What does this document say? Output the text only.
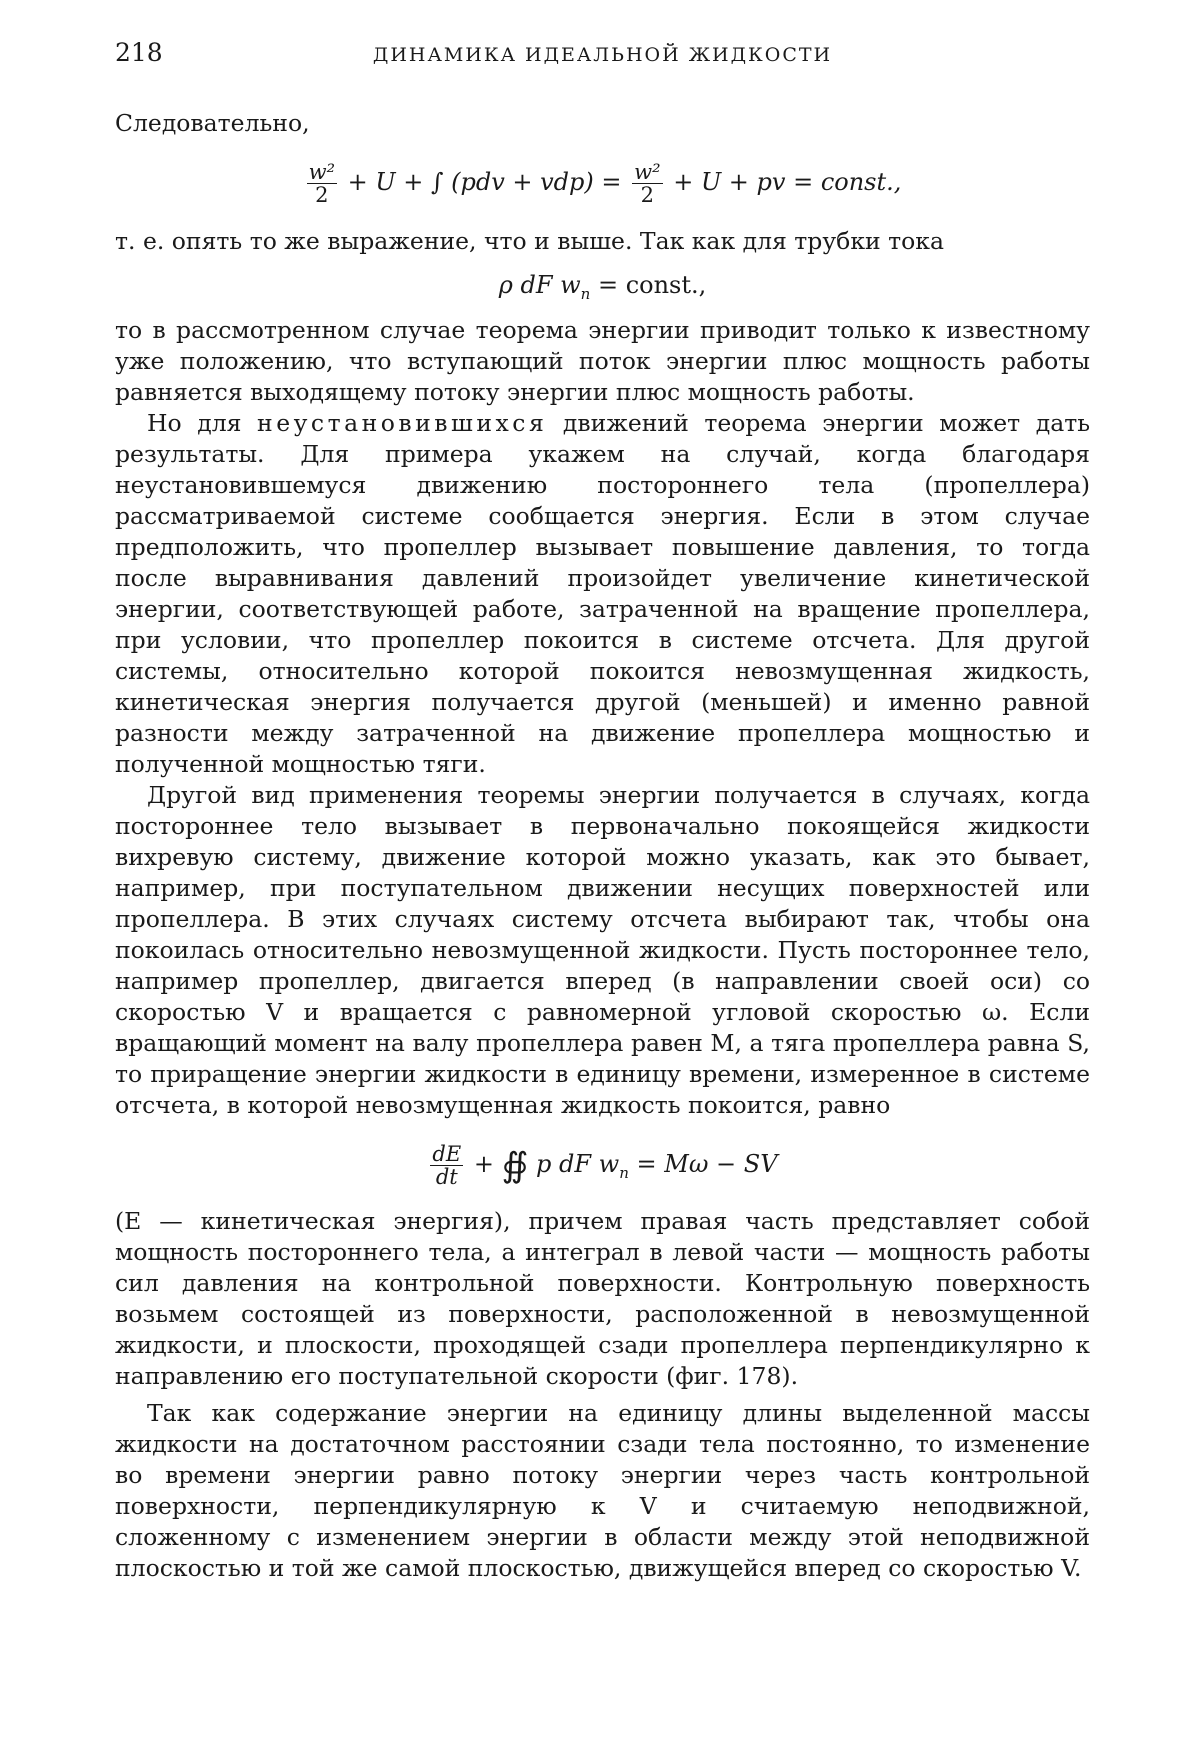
218	ДИНАМИКА ИДЕАЛЬНОЙ ЖИДКОСТИ

Следовательно,

$\frac{\text{w²}}{2} + U$ + ∫ $(pdv + vdp) = \frac{\text{w²}}{2} + U$ + pv = const.,

т. е. опять то же выражение, что и выше. Так как для трубки тока

ρ dF $w_n$ = const.,

то в рассмотренном случае теорема энергии приводит только к известному уже положению, что вступающий поток энергии плюс мощность работы равняется выходящему потоку энергии плюс мощность работы.

Но для неустановившихся движений теорема энергии может дать результаты. Для примера укажем на случай, когда благодаря неустановившемуся движению постороннего тела (пропеллера) рассматриваемой системе сообщается энергия. Если в этом случае предположить, что пропеллер вызывает повышение давления, то тогда после выравнивания давлений произойдет увеличение кинетической энергии, соответствующей работе, затраченной на вращение пропеллера, при условии, что пропеллер покоится в системе отсчета. Для другой системы, относительно которой покоится невозмущенная жидкость, кинетическая энергия получается другой (меньшей) и именно равной разности между затраченной на движение пропеллера мощностью и полученной мощностью тяги.

Другой вид применения теоремы энергии получается в случаях, когда постороннее тело вызывает в первоначально покоящейся жидкости вихревую систему, движение которой можно указать, как это бывает, например, при поступательном движении несущих поверхностей или пропеллера. В этих случаях систему отсчета выбирают так, чтобы она покоилась относительно невозмущенной жидкости. Пусть постороннее тело, например пропеллер, двигается вперед (в направлении своей оси) со скоростью V и вращается с равномерной угловой скоростью ω. Если вращающий момент на валу пропеллера равен M, а тяга пропеллера равна S, то приращение энергии жидкости в единицу времени, измеренное в системе отсчета, в которой невозмущенная жидкость покоится, равно

$\frac{dE}{dt}$ + ∯ p dF $w_n = M\omega$ − SV

(E — кинетическая энергия), причем правая часть представляет собой мощность постороннего тела, а интеграл в левой части — мощность работы сил давления на контрольной поверхности. Контрольную поверхность возьмем состоящей из поверхности, расположенной в невозмущенной жидкости, и плоскости, проходящей сзади пропеллера перпендикулярно к направлению его поступательной скорости (фиг. 178).

Так как содержание энергии на единицу длины выделенной массы жидкости на достаточном расстоянии сзади тела постоянно, то изменение во времени энергии равно потоку энергии через часть контрольной поверхности, перпендикулярную к V и считаемую неподвижной, сложенному с изменением энергии в области между этой неподвижной плоскостью и той же самой плоскостью, движущейся вперед со скоростью V.
